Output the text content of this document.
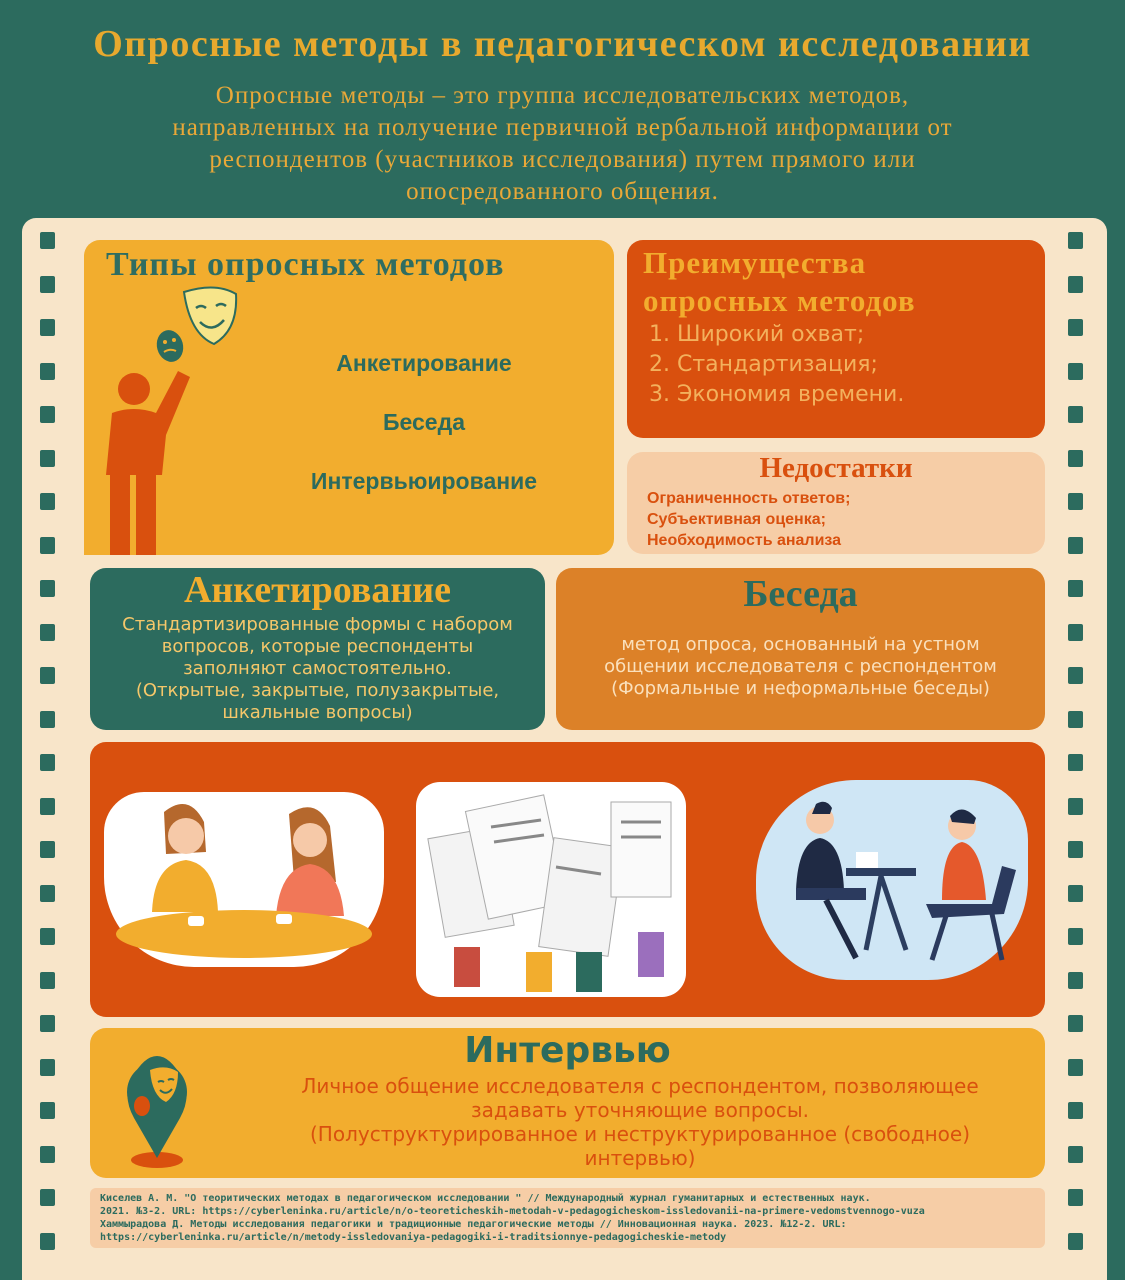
Опросные методы в педагогическом исследовании
Опросные методы – это группа исследовательских методов,
направленных на получение первичной вербальной информации от
респондентов (участников исследования) путем прямого или
опосредованного общения.
Типы опросных методов
Анкетирование
Беседа
Интервьюирование
Преимущества
опросных методов
1. Широкий охват;
2. Стандартизация;
3. Экономия времени.
Недостатки
Ограниченность ответов;
Субъективная оценка;
Необходимость анализа
Анкетирование
Стандартизированные формы с набором
вопросов, которые респонденты
заполняют самостоятельно.
(Открытые, закрытые, полузакрытые,
шкальные вопросы)
Беседа
метод опроса, основанный на устном
общении исследователя с респондентом
(Формальные и неформальные беседы)
Интервью
Личное общение исследователя с респондентом, позволяющее
задавать уточняющие вопросы.
(Полуструктурированное и неструктурированное (свободное)
интервью)
Киселев А. М. "О теоритических методах в педагогическом исследовании " // Международный журнал гуманитарных и естественных наук.
2021. №3-2. URL: https://cyberleninka.ru/article/n/o-teoreticheskih-metodah-v-pedagogicheskom-issledovanii-na-primere-vedomstvennogo-vuza
Хаммырадова Д. Методы исследования педагогики и традиционные педагогические методы // Инновационная наука. 2023. №12-2. URL:
https://cyberleninka.ru/article/n/metody-issledovaniya-pedagogiki-i-traditsionnye-pedagogicheskie-metody
